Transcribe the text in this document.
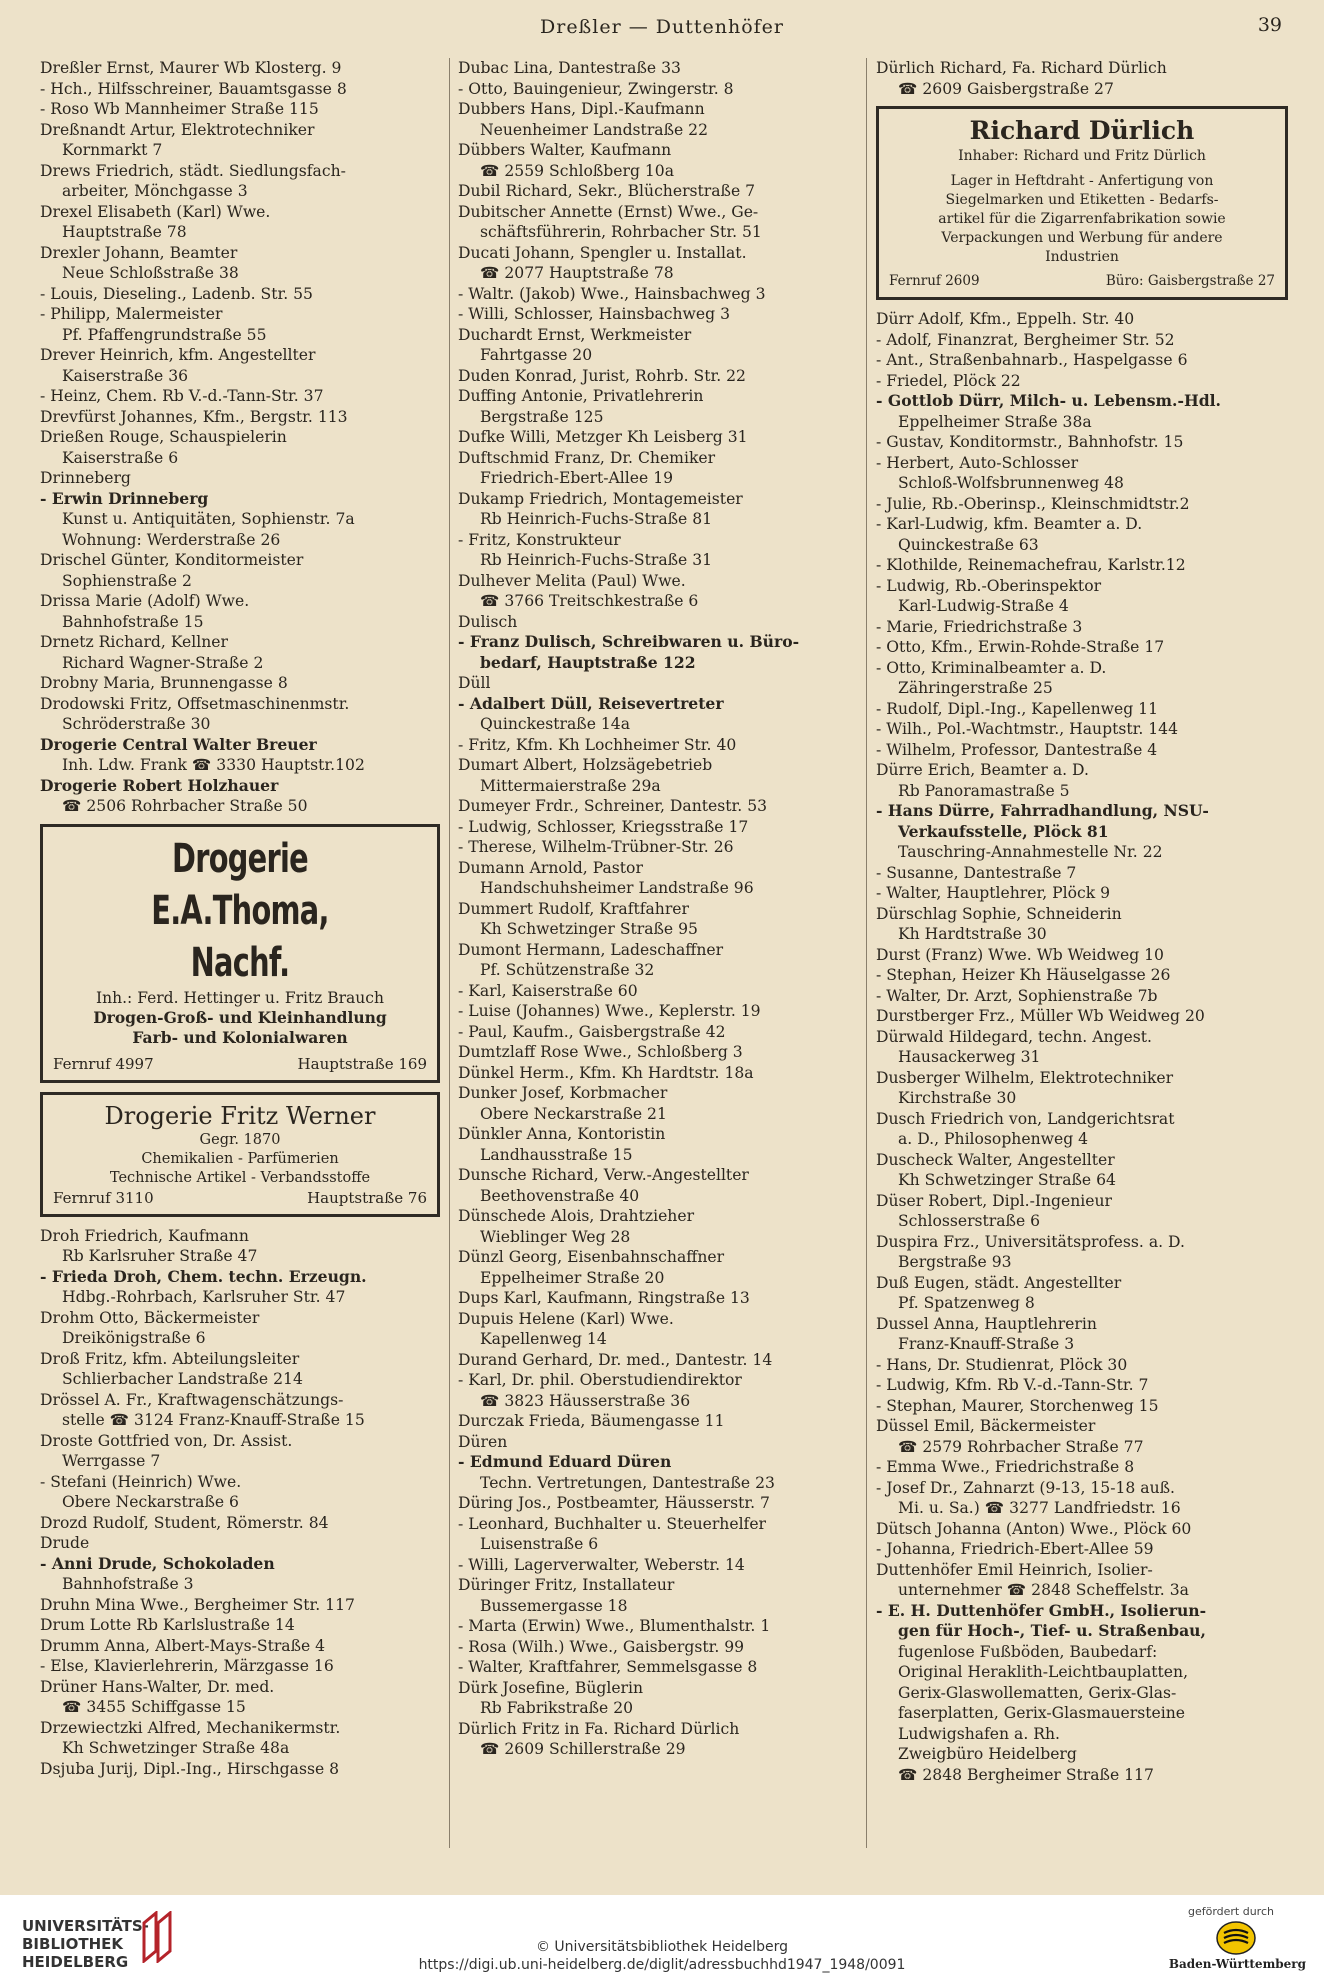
Dreßler — Duttenhöfer	39
Dreßler Ernst, Maurer Wb Klosterg. 9
- Hch., Hilfsschreiner, Bauamtsgasse 8
- Roso Wb Mannheimer Straße 115
Dreßnandt Artur, Elektrotechniker
Kornmarkt 7
Drews Friedrich, städt. Siedlungsfach-
arbeiter, Mönchgasse 3
Drexel Elisabeth (Karl) Wwe.
Hauptstraße 78
Drexler Johann, Beamter
Neue Schloßstraße 38
- Louis, Dieseling., Ladenb. Str. 55
- Philipp, Malermeister
Pf. Pfaffengrundstraße 55
Drever Heinrich, kfm. Angestellter
Kaiserstraße 36
- Heinz, Chem. Rb V.-d.-Tann-Str. 37
Drevfürst Johannes, Kfm., Bergstr. 113
Drießen Rouge, Schauspielerin
Kaiserstraße 6
Drinneberg
- Erwin Drinneberg
Kunst u. Antiquitäten, Sophienstr. 7a
Wohnung: Werderstraße 26
Drischel Günter, Konditormeister
Sophienstraße 2
Drissa Marie (Adolf) Wwe.
Bahnhofstraße 15
Drnetz Richard, Kellner
Richard Wagner-Straße 2
Drobny Maria, Brunnengasse 8
Drodowski Fritz, Offsetmaschinenmstr.
Schröderstraße 30
Drogerie Central Walter Breuer
Inh. Ldw. Frank ☎ 3330 Hauptstr.102
Drogerie Robert Holzhauer
☎ 2506 Rohrbacher Straße 50
Drogerie E.A.Thoma, Nachf.
Inh.: Ferd. Hettinger u. Fritz Brauch
Drogen-Groß- und Kleinhandlung
Farb- und Kolonialwaren
Fernruf 4997	Hauptstraße 169
Drogerie Fritz Werner
Gegr. 1870
Chemikalien - Parfümerien
Technische Artikel - Verbandsstoffe
Fernruf 3110	Hauptstraße 76
Droh Friedrich, Kaufmann
Rb Karlsruher Straße 47
- Frieda Droh, Chem. techn. Erzeugn.
Hdbg.-Rohrbach, Karlsruher Str. 47
Drohm Otto, Bäckermeister
Dreikönigstraße 6
Droß Fritz, kfm. Abteilungsleiter
Schlierbacher Landstraße 214
Drössel A. Fr., Kraftwagenschätzungs-
stelle ☎ 3124 Franz-Knauff-Straße 15
Droste Gottfried von, Dr. Assist.
Werrgasse 7
- Stefani (Heinrich) Wwe.
Obere Neckarstraße 6
Drozd Rudolf, Student, Römerstr. 84
Drude
- Anni Drude, Schokoladen
Bahnhofstraße 3
Druhn Mina Wwe., Bergheimer Str. 117
Drum Lotte Rb Karlslustraße 14
Drumm Anna, Albert-Mays-Straße 4
- Else, Klavierlehrerin, Märzgasse 16
Drüner Hans-Walter, Dr. med.
☎ 3455 Schiffgasse 15
Drzewiectzki Alfred, Mechanikermstr.
Kh Schwetzinger Straße 48a
Dsjuba Jurij, Dipl.-Ing., Hirschgasse 8
Dubac Lina, Dantestraße 33
- Otto, Bauingenieur, Zwingerstr. 8
Dubbers Hans, Dipl.-Kaufmann
Neuenheimer Landstraße 22
Dübbers Walter, Kaufmann
☎ 2559 Schloßberg 10a
Dubil Richard, Sekr., Blücherstraße 7
Dubitscher Annette (Ernst) Wwe., Ge-
schäftsführerin, Rohrbacher Str. 51
Ducati Johann, Spengler u. Installat.
☎ 2077 Hauptstraße 78
- Waltr. (Jakob) Wwe., Hainsbachweg 3
- Willi, Schlosser, Hainsbachweg 3
Duchardt Ernst, Werkmeister
Fahrtgasse 20
Duden Konrad, Jurist, Rohrb. Str. 22
Duffing Antonie, Privatlehrerin
Bergstraße 125
Dufke Willi, Metzger Kh Leisberg 31
Duftschmid Franz, Dr. Chemiker
Friedrich-Ebert-Allee 19
Dukamp Friedrich, Montagemeister
Rb Heinrich-Fuchs-Straße 81
- Fritz, Konstrukteur
Rb Heinrich-Fuchs-Straße 31
Dulhever Melita (Paul) Wwe.
☎ 3766 Treitschkestraße 6
Dulisch
- Franz Dulisch, Schreibwaren u. Büro-
bedarf, Hauptstraße 122
Düll
- Adalbert Düll, Reisevertreter
Quinckestraße 14a
- Fritz, Kfm. Kh Lochheimer Str. 40
Dumart Albert, Holzsägebetrieb
Mittermaierstraße 29a
Dumeyer Frdr., Schreiner, Dantestr. 53
- Ludwig, Schlosser, Kriegsstraße 17
- Therese, Wilhelm-Trübner-Str. 26
Dumann Arnold, Pastor
Handschuhsheimer Landstraße 96
Dummert Rudolf, Kraftfahrer
Kh Schwetzinger Straße 95
Dumont Hermann, Ladeschaffner
Pf. Schützenstraße 32
- Karl, Kaiserstraße 60
- Luise (Johannes) Wwe., Keplerstr. 19
- Paul, Kaufm., Gaisbergstraße 42
Dumtzlaff Rose Wwe., Schloßberg 3
Dünkel Herm., Kfm. Kh Hardtstr. 18a
Dunker Josef, Korbmacher
Obere Neckarstraße 21
Dünkler Anna, Kontoristin
Landhausstraße 15
Dunsche Richard, Verw.-Angestellter
Beethovenstraße 40
Dünschede Alois, Drahtzieher
Wieblinger Weg 28
Dünzl Georg, Eisenbahnschaffner
Eppelheimer Straße 20
Dups Karl, Kaufmann, Ringstraße 13
Dupuis Helene (Karl) Wwe.
Kapellenweg 14
Durand Gerhard, Dr. med., Dantestr. 14
- Karl, Dr. phil. Oberstudiendirektor
☎ 3823 Häusserstraße 36
Durczak Frieda, Bäumengasse 11
Düren
- Edmund Eduard Düren
Techn. Vertretungen, Dantestraße 23
Düring Jos., Postbeamter, Häusserstr. 7
- Leonhard, Buchhalter u. Steuerhelfer
Luisenstraße 6
- Willi, Lagerverwalter, Weberstr. 14
Düringer Fritz, Installateur
Bussemergasse 18
- Marta (Erwin) Wwe., Blumenthalstr. 1
- Rosa (Wilh.) Wwe., Gaisbergstr. 99
- Walter, Kraftfahrer, Semmelsgasse 8
Dürk Josefine, Büglerin
Rb Fabrikstraße 20
Dürlich Fritz in Fa. Richard Dürlich
☎ 2609 Schillerstraße 29
Dürlich Richard, Fa. Richard Dürlich
☎ 2609 Gaisbergstraße 27
Richard Dürlich
Inhaber: Richard und Fritz Dürlich
Lager in Heftdraht - Anfertigung von
Siegelmarken und Etiketten - Bedarfs-
artikel für die Zigarrenfabrikation sowie
Verpackungen und Werbung für andere
Industrien
Fernruf 2609	Büro: Gaisbergstraße 27
Dürr Adolf, Kfm., Eppelh. Str. 40
- Adolf, Finanzrat, Bergheimer Str. 52
- Ant., Straßenbahnarb., Haspelgasse 6
- Friedel, Plöck 22
- Gottlob Dürr, Milch- u. Lebensm.-Hdl.
Eppelheimer Straße 38a
- Gustav, Konditormstr., Bahnhofstr. 15
- Herbert, Auto-Schlosser
Schloß-Wolfsbrunnenweg 48
- Julie, Rb.-Oberinsp., Kleinschmidtstr.2
- Karl-Ludwig, kfm. Beamter a. D.
Quinckestraße 63
- Klothilde, Reinemachefrau, Karlstr.12
- Ludwig, Rb.-Oberinspektor
Karl-Ludwig-Straße 4
- Marie, Friedrichstraße 3
- Otto, Kfm., Erwin-Rohde-Straße 17
- Otto, Kriminalbeamter a. D.
Zähringerstraße 25
- Rudolf, Dipl.-Ing., Kapellenweg 11
- Wilh., Pol.-Wachtmstr., Hauptstr. 144
- Wilhelm, Professor, Dantestraße 4
Dürre Erich, Beamter a. D.
Rb Panoramastraße 5
- Hans Dürre, Fahrradhandlung, NSU-
Verkaufsstelle, Plöck 81
Tauschring-Annahmestelle Nr. 22
- Susanne, Dantestraße 7
- Walter, Hauptlehrer, Plöck 9
Dürschlag Sophie, Schneiderin
Kh Hardtstraße 30
Durst (Franz) Wwe. Wb Weidweg 10
- Stephan, Heizer Kh Häuselgasse 26
- Walter, Dr. Arzt, Sophienstraße 7b
Durstberger Frz., Müller Wb Weidweg 20
Dürwald Hildegard, techn. Angest.
Hausackerweg 31
Dusberger Wilhelm, Elektrotechniker
Kirchstraße 30
Dusch Friedrich von, Landgerichtsrat
a. D., Philosophenweg 4
Duscheck Walter, Angestellter
Kh Schwetzinger Straße 64
Düser Robert, Dipl.-Ingenieur
Schlosserstraße 6
Duspira Frz., Universitätsprofess. a. D.
Bergstraße 93
Duß Eugen, städt. Angestellter
Pf. Spatzenweg 8
Dussel Anna, Hauptlehrerin
Franz-Knauff-Straße 3
- Hans, Dr. Studienrat, Plöck 30
- Ludwig, Kfm. Rb V.-d.-Tann-Str. 7
- Stephan, Maurer, Storchenweg 15
Düssel Emil, Bäckermeister
☎ 2579 Rohrbacher Straße 77
- Emma Wwe., Friedrichstraße 8
- Josef Dr., Zahnarzt (9-13, 15-18 auß.
Mi. u. Sa.) ☎ 3277 Landfriedstr. 16
Dütsch Johanna (Anton) Wwe., Plöck 60
- Johanna, Friedrich-Ebert-Allee 59
Duttenhöfer Emil Heinrich, Isolier-
unternehmer ☎ 2848 Scheffelstr. 3a
- E. H. Duttenhöfer GmbH., Isolierun-
gen für Hoch-, Tief- u. Straßenbau,
fugenlose Fußböden, Baubedarf:
Original Heraklith-Leichtbauplatten,
Gerix-Glaswollematten, Gerix-Glas-
faserplatten, Gerix-Glasmauersteine
Ludwigshafen a. Rh.
Zweigbüro Heidelberg
☎ 2848 Bergheimer Straße 117
UNIVERSITÄTS-
BIBLIOTHEK
HEIDELBERG
© Universitätsbibliothek Heidelberg
https://digi.ub.uni-heidelberg.de/diglit/adressbuchhd1947_1948/0091
gefördert durch
Baden-Württemberg
